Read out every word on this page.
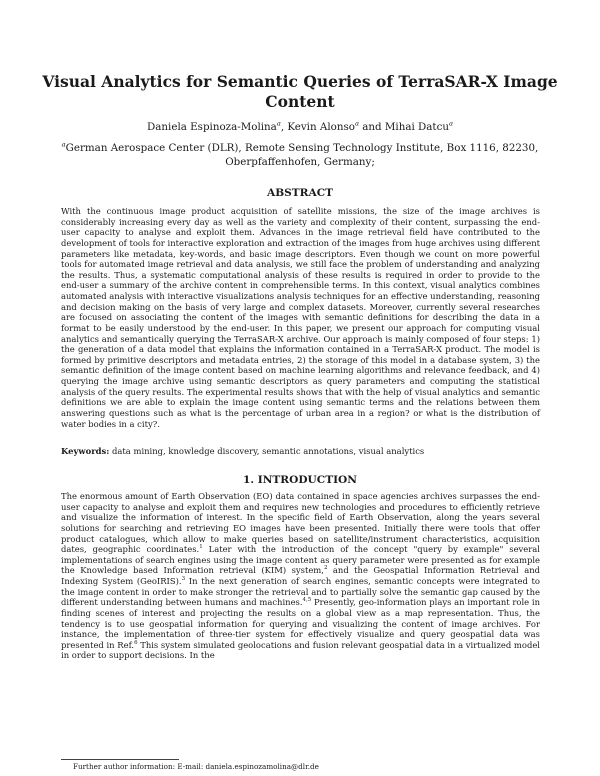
Visual Analytics for Semantic Queries of TerraSAR-X Image Content
Daniela Espinoza-Molina$^a$, Kevin Alonso$^a$ and Mihai Datcu$^a$
$^a$German Aerospace Center (DLR), Remote Sensing Technology Institute, Box 1116, 82230, Oberpfaffenhofen, Germany;
ABSTRACT

With the continuous image product acquisition of satellite missions, the size of the image archives is considerably increasing every day as well as the variety and complexity of their content, surpassing the end-user capacity to analyse and exploit them. Advances in the image retrieval field have contributed to the development of tools for interactive exploration and extraction of the images from huge archives using different parameters like metadata, key-words, and basic image descriptors. Even though we count on more powerful tools for automated image retrieval and data analysis, we still face the problem of understanding and analyzing the results. Thus, a systematic computational analysis of these results is required in order to provide to the end-user a summary of the archive content in comprehensible terms. In this context, visual analytics combines automated analysis with interactive visualizations analysis techniques for an effective understanding, reasoning and decision making on the basis of very large and complex datasets. Moreover, currently several researches are focused on associating the content of the images with semantic definitions for describing the data in a format to be easily understood by the end-user. In this paper, we present our approach for computing visual analytics and semantically querying the TerraSAR-X archive. Our approach is mainly composed of four steps: 1) the generation of a data model that explains the information contained in a TerraSAR-X product. The model is formed by primitive descriptors and metadata entries, 2) the storage of this model in a database system, 3) the semantic definition of the image content based on machine learning algorithms and relevance feedback, and 4) querying the image archive using semantic descriptors as query parameters and computing the statistical analysis of the query results. The experimental results shows that with the help of visual analytics and semantic definitions we are able to explain the image content using semantic terms and the relations between them answering questions such as what is the percentage of urban area in a region? or what is the distribution of water bodies in a city?.

Keywords: data mining, knowledge discovery, semantic annotations, visual analytics
1. INTRODUCTION

The enormous amount of Earth Observation (EO) data contained in space agencies archives surpasses the end-user capacity to analyse and exploit them and requires new technologies and procedures to efficiently retrieve and visualize the information of interest. In the specific field of Earth Observation, along the years several solutions for searching and retrieving EO images have been presented. Initially there were tools that offer product catalogues, which allow to make queries based on satellite/instrument characteristics, acquisition dates, geographic coordinates.$^1$ Later with the introduction of the concept "query by example" several implementations of search engines using the image content as query parameter were presented as for example the Knowledge based Information retrieval (KIM) system,$^2$ and the Geospatial Information Retrieval and Indexing System (GeoIRIS).$^3$ In the next generation of search engines, semantic concepts were integrated to the image content in order to make stronger the retrieval and to partially solve the semantic gap caused by the different understanding between humans and machines.$^{4,5}$ Presently, geo-information plays an important role in finding scenes of interest and projecting the results on a global view as a map representation. Thus, the tendency is to use geospatial information for querying and visualizing the content of image archives. For instance, the implementation of three-tier system for effectively visualize and query geospatial data was presented in Ref.$^6$ This system simulated geolocations and fusion relevant geospatial data in a virtualized model in order to support decisions. In the

Further author information: E-mail: daniela.espinozamolina@dlr.de
